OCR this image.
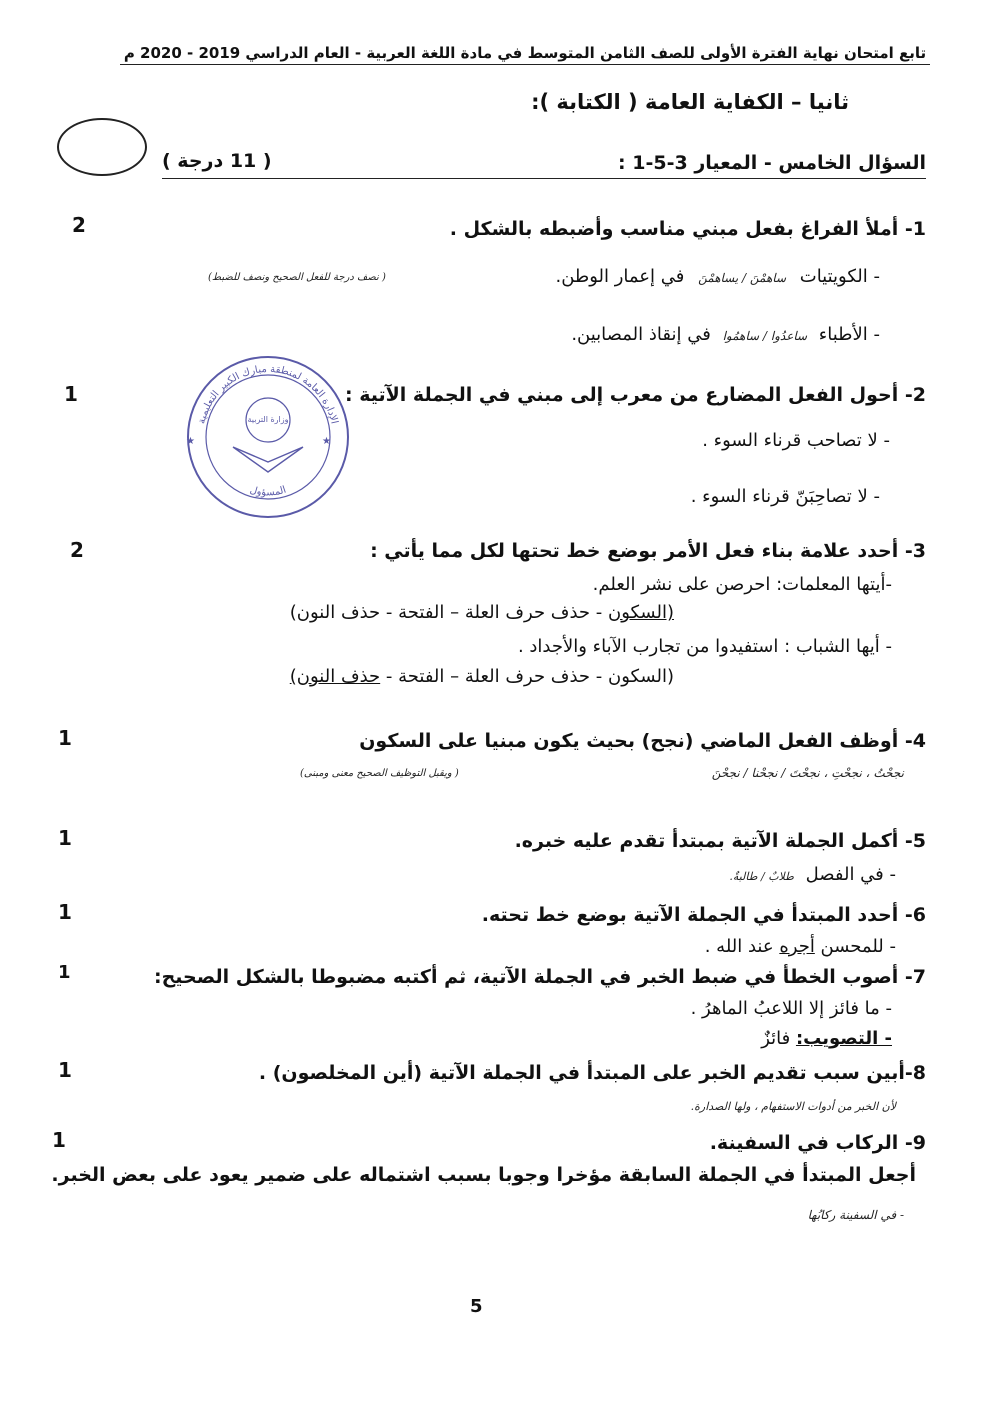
تابع امتحان نهاية الفترة الأولى للصف الثامن المتوسط في مادة اللغة العربية - العام الدراسي 2019 - 2020 م
ثانيا – الكفاية العامة ( الكتابة ):
السؤال الخامس - المعيار 3-5-1 :
( 11 درجة )
1- أملأ الفراغ بفعل مبني مناسب وأضبطه بالشكل .
2
- الكويتيات ساهمْنَ / يساهمْنَ في إعمار الوطن.
( نصف درجة للفعل الصحيح ونصف للضبط)
- الأطباء ساعدُوا / ساهمُوا في إنقاذ المصابين.
2- أحول الفعل المضارع من معرب إلى مبني في الجملة الآتية :
1
- لا تصاحب قرناء السوء .
- لا تصاحِبَنّ قرناء السوء .
الإدارة العامة لمنطقة مبارك الكبير التعليمية
وزارة التربية
المسؤول
★	★
3- أحدد علامة بناء فعل الأمر بوضع خط تحتها لكل مما يأتي :
2
-أيتها المعلمات: احرصن على نشر العلم.
(السكون - حذف حرف العلة – الفتحة - حذف النون)
- أيها الشباب : استفيدوا من تجارب الآباء والأجداد .
(السكون - حذف حرف العلة – الفتحة - حذف النون)
4- أوظف الفعل الماضي (نجح) بحيث يكون مبنيا على السكون
1
نجحْتُ ، نجحْتِ ، نجحْتَ / نجحْنا / نجحْنَ
( ويقبل التوظيف الصحيح معنى ومبنى)
5- أكمل الجملة الآتية بمبتدأ تقدم عليه خبره.
1
- في الفصل طلابٌ / طالبةٌ.
6- أحدد المبتدأ في الجملة الآتية بوضع خط تحته.
1
- للمحسن أجره عند الله .
7- أصوب الخطأ في ضبط الخبر في الجملة الآتية، ثم أكتبه مضبوطا بالشكل الصحيح:
1
- ما فائز إلا اللاعبُ الماهرُ .
- التصويب: فائزٌ
8-أبين سبب تقديم الخبر على المبتدأ في الجملة الآتية (أين المخلصون) .
1
لأن الخبر من أدوات الاستفهام ، ولها الصدارة.
9- الركاب في السفينة.
1
أجعل المبتدأ في الجملة السابقة مؤخرا وجوبا بسبب اشتماله على ضمير يعود على بعض الخبر.
- في السفينة ركابُها
5
